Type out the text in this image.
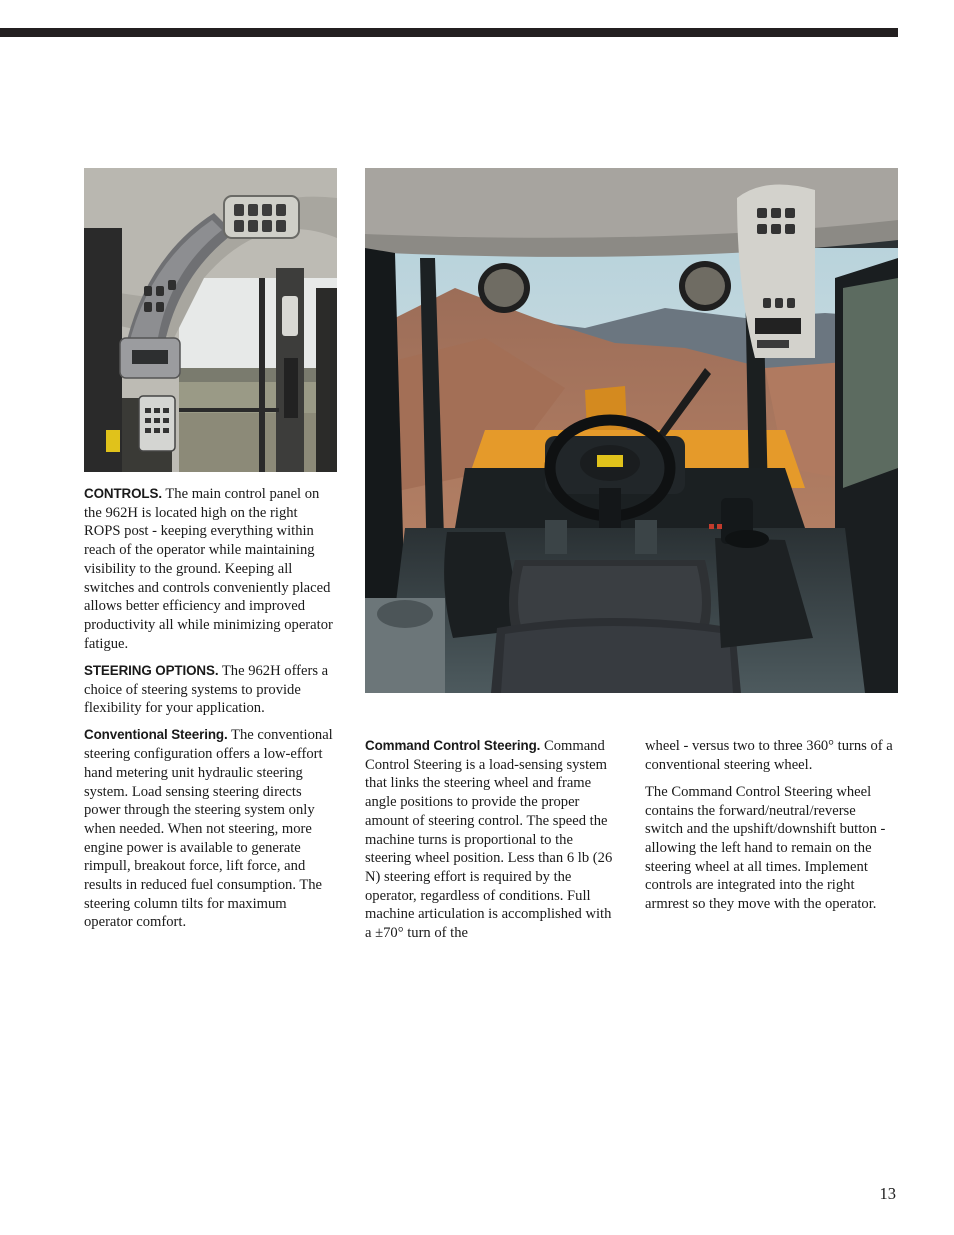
CONTROLS. The main control panel on the 962H is located high on the right ROPS post - keeping everything within reach of the operator while maintaining visibility to the ground. Keeping all switches and controls conveniently placed allows better efficiency and improved productivity all while minimizing operator fatigue.

STEERING OPTIONS. The 962H offers a choice of steering systems to provide flexibility for your application.

Conventional Steering. The conventional steering configuration offers a low-effort hand metering unit hydraulic steering system. Load sensing steering directs power through the steering system only when needed. When not steering, more engine power is available to generate rimpull, breakout force, lift force, and results in reduced fuel consumption. The steering column tilts for maximum operator comfort.

Command Control Steering. Command Control Steering is a load-sensing system that links the steering wheel and frame angle positions to provide the proper amount of steering control. The speed the machine turns is proportional to the steering wheel position. Less than 6 lb (26 N) steering effort is required by the operator, regardless of conditions. Full machine articulation is accomplished with a ±70° turn of the

wheel - versus two to three 360° turns of a conventional steering wheel.

The Command Control Steering wheel contains the forward/neutral/reverse switch and the upshift/downshift button - allowing the left hand to remain on the steering wheel at all times. Implement controls are integrated into the right armrest so they move with the operator.

13
